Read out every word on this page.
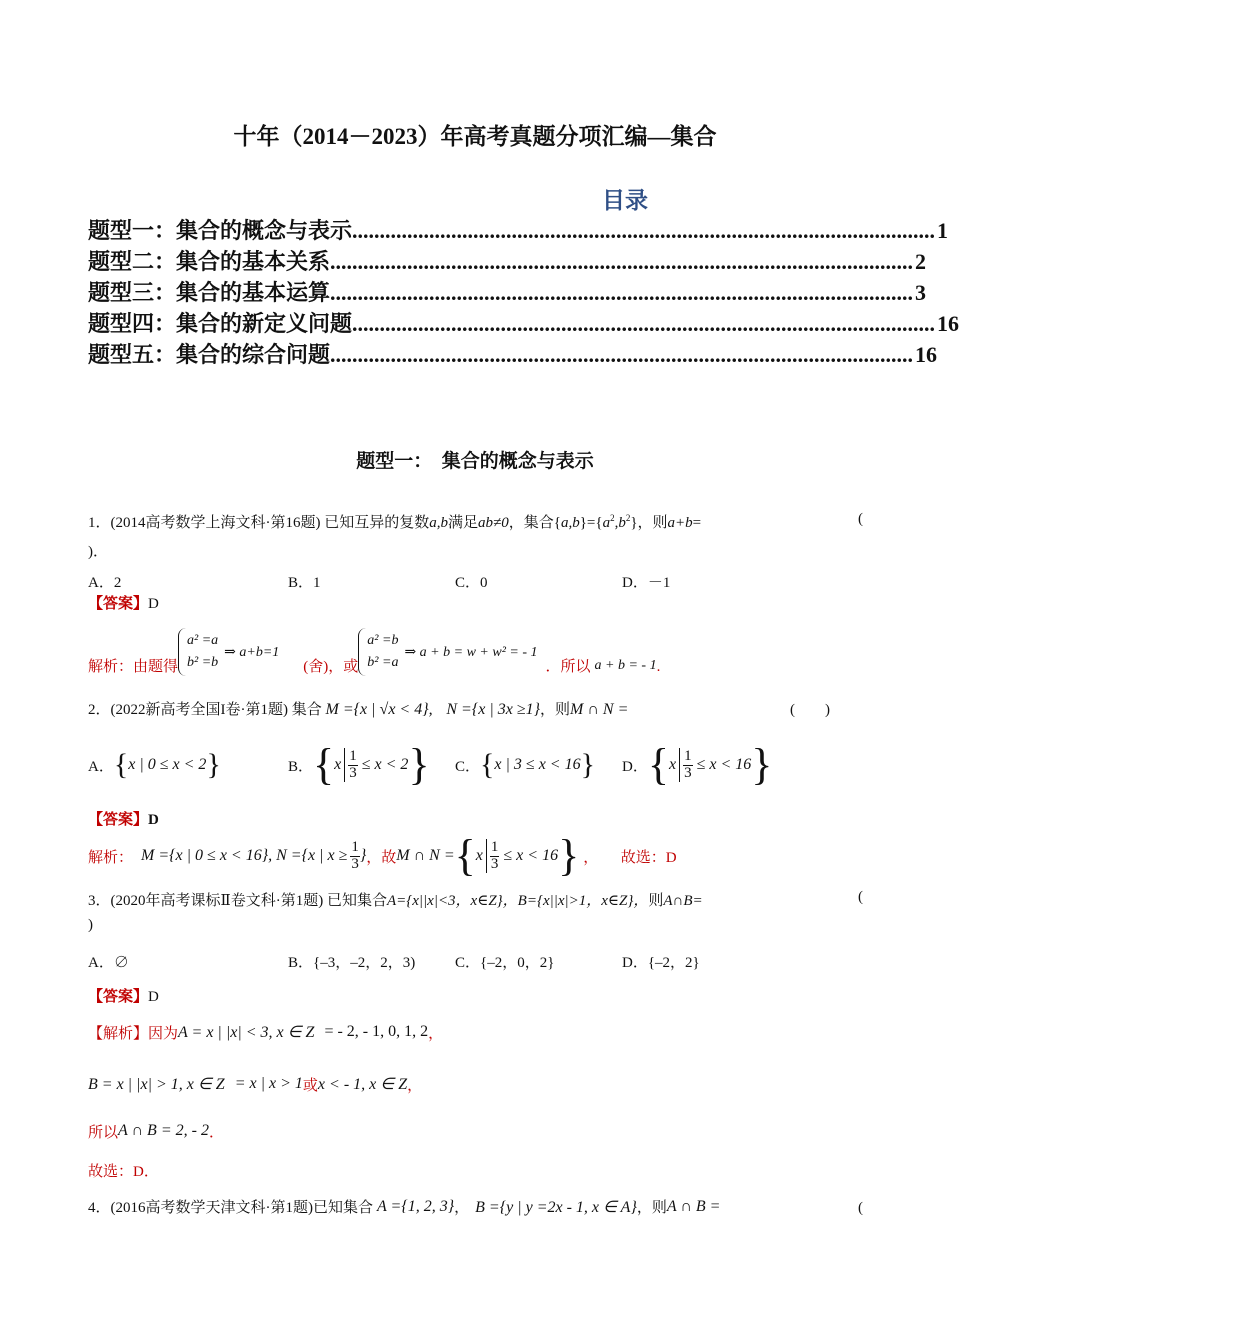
十年（2014－2023）年高考真题分项汇编—集合
目录
题型一： 集合的概念与表示 .......................................................................................................... 1
题型二： 集合的基本关系 .......................................................................................................... 2
题型三： 集合的基本运算 .......................................................................................................... 3
题型四： 集合的新定义问题 .......................................................................................................... 16
题型五： 集合的综合问题 .......................................................................................................... 16
题型一：　集合的概念与表示
1．(2014高考数学上海文科·第16题) 已知互异的复数a,b满足ab≠0，集合$\{a,b\}=\{a^2,b^2\}$，则a+b=	(
)．
A．2	B．1	C．0	D．－1
【答案】D
解析：由题得
a² =a
b² =b
⇒ a+b=1
(舍)，或
a² =b
b² =a
⇒ a + b = w + w² = - 1
．所以 a + b = - 1 .
2．(2022新高考全国I卷·第1题) 集合 M ={x | √x < 4}, N ={x | 3x ≥1}，则M ∩ N =	(　　)
A． { x | 0 ≤ x < 2 }	B． { x $\frac{1}{3} \le x < 2$ } C． { x | 3 ≤ x < 16 } D． { x $\frac{1}{3} \le x < 16$ }
【答案】D
解析： M ={x | 0 ≤ x < 16}, N ={x | $x \ge \frac{1}{3}$ } ，故 M ∩ N = { x $\frac{1}{3} \le x < 16$ } ，　　故选：D
3．(2020年高考课标Ⅱ卷文科·第1题) 已知集合A={x||x|<3，x∈Z}，B={x||x|>1，x∈Z}，则A∩B=	(
)
A．∅	B．{–3，–2，2，3)	C．{–2，0，2}	D．{–2，2}
【答案】D
【解析】 因为 A = x | |x| < 3, x ∈ Z = - 2, - 1, 0, 1, 2 ，
B = x | |x| > 1, x ∈ Z = x | x > 1 或 x < - 1, x ∈ Z ，
所以 A ∩ B = 2, - 2 ．
故选：D．
4． (2016高考数学天津文科·第1题) 已知集合 A ={1, 2, 3} ， B ={y | y =2x - 1, x ∈ A} ，则 A ∩ B =	(
